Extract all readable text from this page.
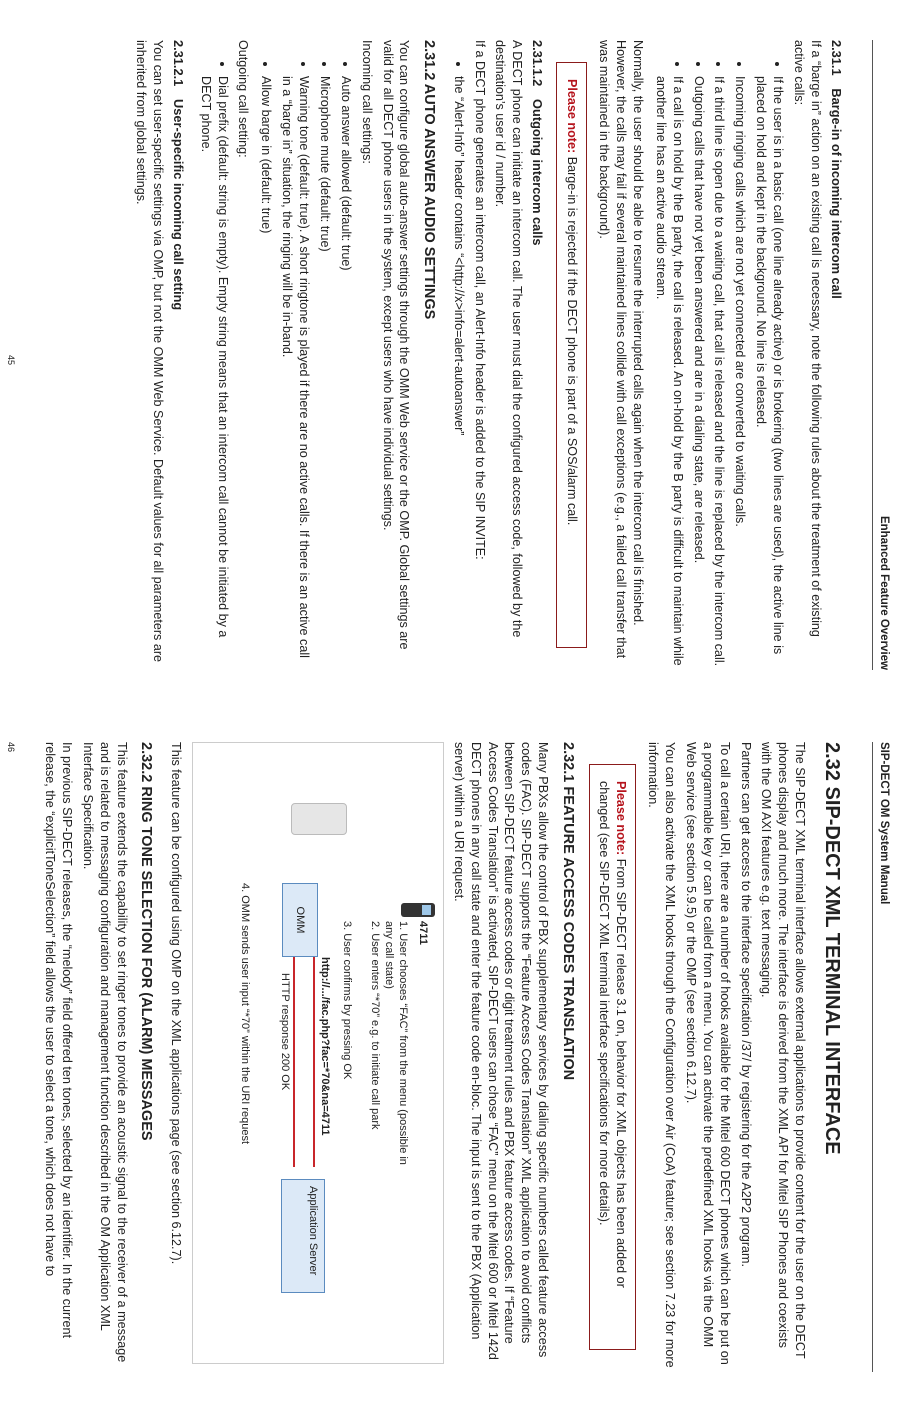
Enhanced Feature Overview
2.31.1 Barge-in of incoming intercom call

If a “barge in” action on an existing call is necessary, note the following rules about the treatment of existing active calls:

• If the user is in a basic call (one line already active) or is brokering (two lines are used), the active line is placed on hold and kept in the background. No line is released.
• Incoming ringing calls which are not yet connected are converted to waiting calls.
• If a third line is open due to a waiting call, that call is released and the line is replaced by the intercom call.
• Outgoing calls that have not yet been answered and are in a dialing state, are released.
• If a call is on hold by the B party, the call is released. An on-hold by the B party is difficult to maintain while another line has an active audio stream.

Normally, the user should be able to resume the interrupted calls again when the intercom call is finished. However, the calls may fail if several maintained lines collide with call exceptions (e.g., a failed call transfer that was maintained in the background).

Please note: Barge-in is rejected if the DECT phone is part of a SOS/alarm call.
2.31.1.2 Outgoing intercom calls

A DECT phone can initiate an intercom call. The user must dial the configured access code, followed by the destination’s user id / number.

If a DECT phone generates an intercom call, an Alert-Info header is added to the SIP INVITE:

• the “Alert-Info” header contains “<http://x>info=alert-autoanswer”
2.31.2 AUTO ANSWER AUDIO SETTINGS

You can configure global auto-answer settings through the OMM Web service or the OMP. Global settings are valid for all DECT phone users in the system, except users who have individual settings.

Incoming call settings:

• Auto answer allowed (default: true)
• Microphone mute (default: true)
• Warning tone (default: true). A short ringtone is played if there are no active calls. If there is an active call in a “barge in” situation, the ringing will be in-band.
• Allow barge in (default: true)

Outgoing call setting:

• Dial prefix (default: string is empty). Empty string means that an intercom call cannot be initiated by a DECT phone.
2.31.2.1 User-specific incoming call setting

You can set user-specific settings via OMP, but not the OMM Web Service. Default values for all parameters are inherited from global settings.

45
SIP-DECT OM System Manual
2.32 SIP-DECT XML TERMINAL INTERFACE

The SIP-DECT XML terminal interface allows external applications to provide content for the user on the DECT phones display and much more. The interface is derived from the XML API for Mitel SIP Phones and coexists with the OM AXI features e.g. text messaging.

Partners can get access to the interface specification /37/ by registering for the A2P2 program.

To call a certain URI, there are a number of hooks available for the Mitel 600 DECT phones which can be put on a programmable key or can be called from a menu. You can activate the predefined XML hooks via the OMM Web service (see section 5.9.5) or the OMP (see section 6.12.7).

You can also activate the XML hooks through the Configuration over Air (CoA) feature; see section 7.23 for more information.

Please note: From SIP-DECT release 3.1 on, behavior for XML objects has been added or changed (see SIP-DECT XML terminal interface specifications for more details).
2.32.1 FEATURE ACCESS CODES TRANSLATION

Many PBXs allow the control of PBX supplementary services by dialing specific numbers called feature access codes (FAC). SIP-DECT supports the “Feature Access Codes Translation” XML application to avoid conflicts between SIP-DECT feature access codes or digit treatment rules and PBX feature access codes. If “Feature Access Codes Translation” is activated, SIP-DECT users can chose “FAC” menu on the Mitel 600 or Mitel 142d DECT phones in any call state and enter the feature code en-bloc. The input is sent to the PBX (Application server) within a URI request.

4711
1. User chooses “FAC” from the menu (possible in any call state)
2. User enters “*70” e.g. to initiate call park
3. User confirms by pressing OK
OMM
http://.../fac.php?fac=*70&na=4711
HTTP response 200 OK
Application Server
4. OMM sends user input “*70” within the URI request

This feature can be configured using OMP on the XML applications page (see section 6.12.7).

2.32.2 RING TONE SELECTION FOR (ALARM) MESSAGES

This feature extends the capability to set ringer tones to provide an acoustic signal to the receiver of a message and is related to messaging configuration and management function described in the OM Application XML Interface Specification.

In previous SIP-DECT releases, the “melody” field offered ten tones, selected by an identifier. In the current release, the “explicitToneSelection” field allows the user to select a tone, which does not have to

46
